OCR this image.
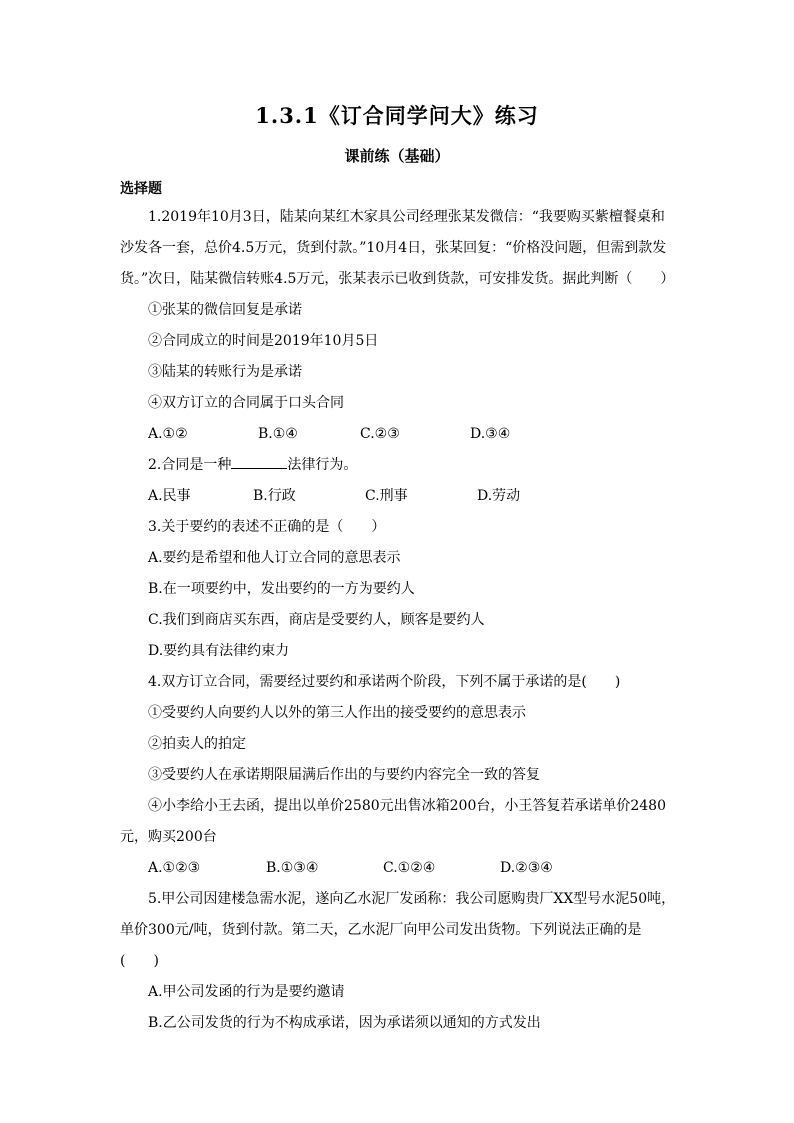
1.3.1《订合同学问大》练习
课前练（基础）
选择题

1.2019年10月3日，陆某向某红木家具公司经理张某发微信：“我要购买紫檀餐桌和沙发各一套，总价4.5万元，货到付款。”10月4日，张某回复：“价格没问题，但需到款发货。”次日，陆某微信转账4.5万元，张某表示已收到货款，可安排发货。据此判断（　　）

①张某的微信回复是承诺

②合同成立的时间是2019年10月5日

③陆某的转账行为是承诺

④双方订立的合同属于口头合同

A.①②	B.①④	C.②③	D.③④

2.合同是一种	法律行为。

A.民事	B.行政	C.刑事	D.劳动

3.关于要约的表述不正确的是（　　）

A.要约是希望和他人订立合同的意思表示

B.在一项要约中，发出要约的一方为要约人

C.我们到商店买东西，商店是受要约人，顾客是要约人

D.要约具有法律约束力

4.双方订立合同，需要经过要约和承诺两个阶段，下列不属于承诺的是(　　)

①受要约人向要约人以外的第三人作出的接受要约的意思表示

②拍卖人的拍定

③受要约人在承诺期限届满后作出的与要约内容完全一致的答复

④小李给小王去函，提出以单价2580元出售冰箱200台，小王答复若承诺单价2480元，购买200台

A.①②③	B.①③④	C.①②④	D.②③④

5.甲公司因建楼急需水泥，遂向乙水泥厂发函称：我公司愿购贵厂XX型号水泥50吨，单价300元/吨，货到付款。第二天，乙水泥厂向甲公司发出货物。下列说法正确的是(　　)

A.甲公司发函的行为是要约邀请

B.乙公司发货的行为不构成承诺，因为承诺须以通知的方式发出
